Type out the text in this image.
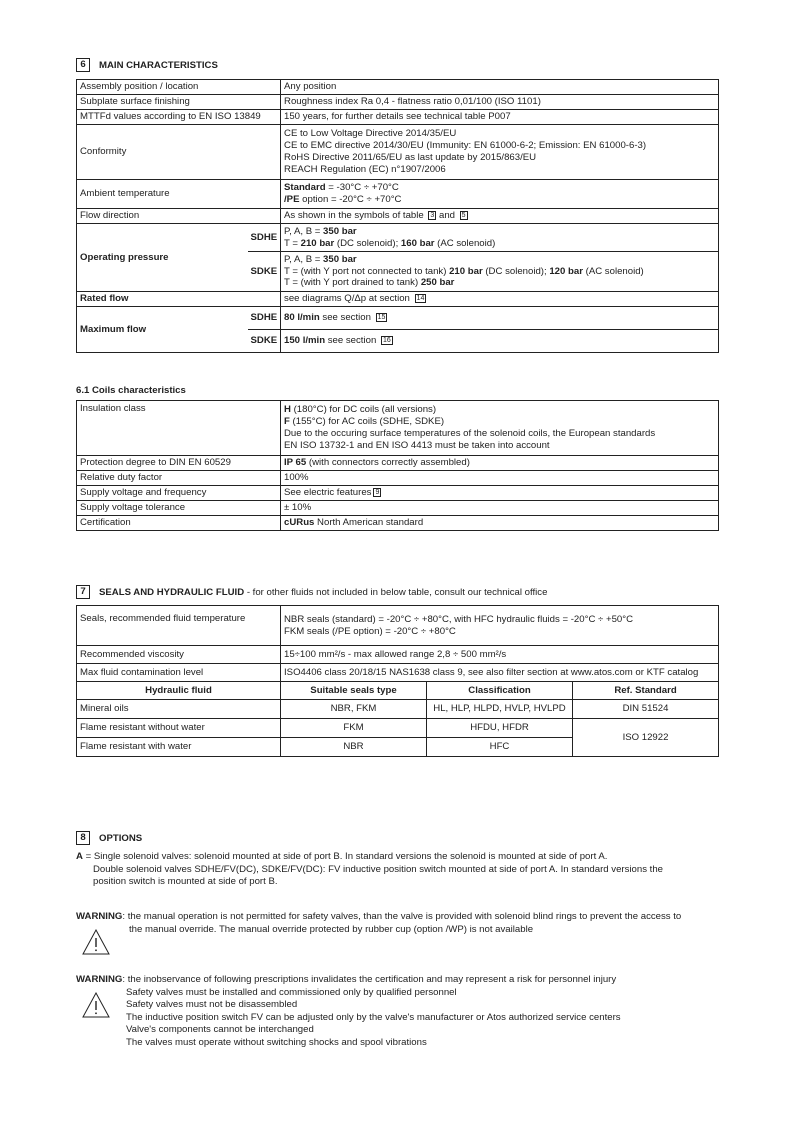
6	MAIN CHARACTERISTICS
Assembly position / location		Any position
Subplate surface finishing		Roughness index Ra 0,4 - flatness ratio 0,01/100 (ISO 1101)
MTTFd values according to EN ISO 13849		150 years, for further details see technical table P007
Conformity		CE to Low Voltage Directive 2014/35/EU
CE to EMC directive 2014/30/EU (Immunity: EN 61000-6-2; Emission: EN 61000-6-3)
RoHS Directive 2011/65/EU as last update by 2015/863/EU
REACH Regulation (EC) n°1907/2006

Ambient temperature		Standard = -30°C ÷ +70°C
/PE option = -20°C ÷ +70°C

Flow direction		As shown in the symbols of table 3 and 5
Operating pressure	SDHE	P, A, B = 350 bar
T = 210 bar (DC solenoid); 160 bar (AC solenoid)

	SDKE	P, A, B = 350 bar
T = (with Y port not connected to tank) 210 bar (DC solenoid); 120 bar (AC solenoid)
T = (with Y port drained to tank) 250 bar

Rated flow		see diagrams Q/Δp at section 14
Maximum flow	SDHE	80 l/min see section 15
	SDKE	150 l/min see section 16
6.1 Coils characteristics
Insulation class	H (180°C) for DC coils (all versions)
F (155°C) for AC coils (SDHE, SDKE)
Due to the occuring surface temperatures of the solenoid coils, the European standards
EN ISO 13732-1 and EN ISO 4413 must be taken into account

Protection degree to DIN EN 60529	IP 65 (with connectors correctly assembled)
Relative duty factor	100%
Supply voltage and frequency	See electric features 9
Supply voltage tolerance	± 10%
Certification	cURus North American standard
7	SEALS AND HYDRAULIC FLUID - for other fluids not included in below table, consult our technical office
Seals, recommended fluid temperature	NBR seals (standard) = -20°C ÷ +80°C, with HFC hydraulic fluids = -20°C ÷ +50°C
FKM seals (/PE option) = -20°C ÷ +80°C		

Recommended viscosity	15÷100 mm²/s - max allowed range 2,8 ÷ 500 mm²/s		
Max fluid contamination level	ISO4406 class 20/18/15 NAS1638 class 9, see also filter section at www.atos.com or KTF catalog		
Hydraulic fluid	Suitable seals type	Classification	Ref. Standard
Mineral oils	NBR, FKM	HL, HLP, HLPD, HVLP, HVLPD	DIN 51524
Flame resistant without water	FKM	HFDU, HFDR	ISO 12922
Flame resistant with water	NBR	HFC	
8	OPTIONS
A = Single solenoid valves: solenoid mounted at side of port B. In standard versions the solenoid is mounted at side of port A.
Double solenoid valves SDHE/FV(DC), SDKE/FV(DC): FV inductive position switch mounted at side of port A. In standard versions the
position switch is mounted at side of port B.
WARNING: the manual operation is not permitted for safety valves, than the valve is provided with solenoid blind rings to prevent the access to
the manual override. The manual override protected by rubber cup (option /WP) is not available
WARNING: the inobservance of following prescriptions invalidates the certification and may represent a risk for personnel injury
Safety valves must be installed and commissioned only by qualified personnel
Safety valves must not be disassembled
The inductive position switch FV can be adjusted only by the valve's manufacturer or Atos authorized service centers
Valve's components cannot be interchanged
The valves must operate without switching shocks and spool vibrations
